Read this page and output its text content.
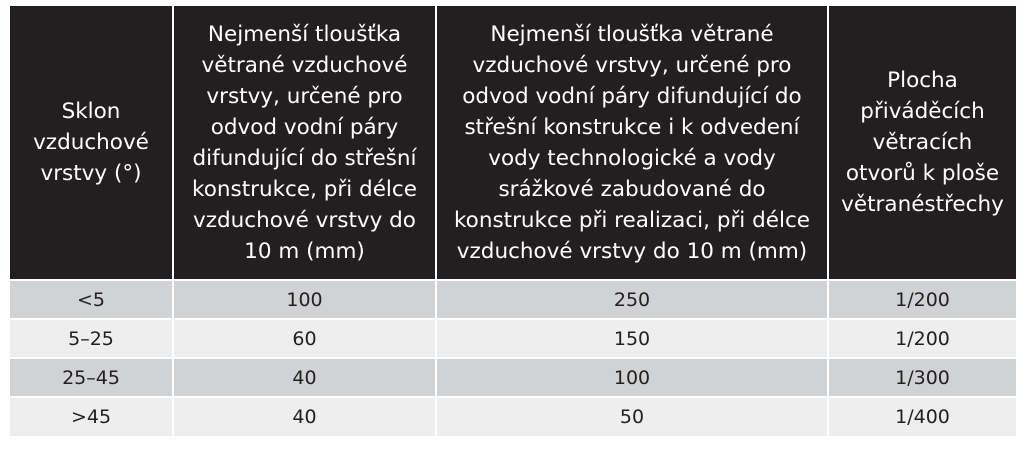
Sklon vzduchové vrstvy (°)	Nejmenší tloušťka větrané vzduchové vrstvy, určené pro odvod vodní páry difundující do střešní konstrukce, při délce vzduchové vrstvy do 10 m (mm)	Nejmenší tloušťka větrané vzduchové vrstvy, určené pro odvod vodní páry difundující do střešní konstrukce i k odvedení vody technologické a vody srážkové zabudované do konstrukce při realizaci, při délce vzduchové vrstvy do 10 m (mm)	Plocha přiváděcích větracích otvorů k ploše větranéstřechy
<5	100	250	1/200
5–25	60	150	1/200
25–45	40	100	1/300
>45	40	50	1/400
